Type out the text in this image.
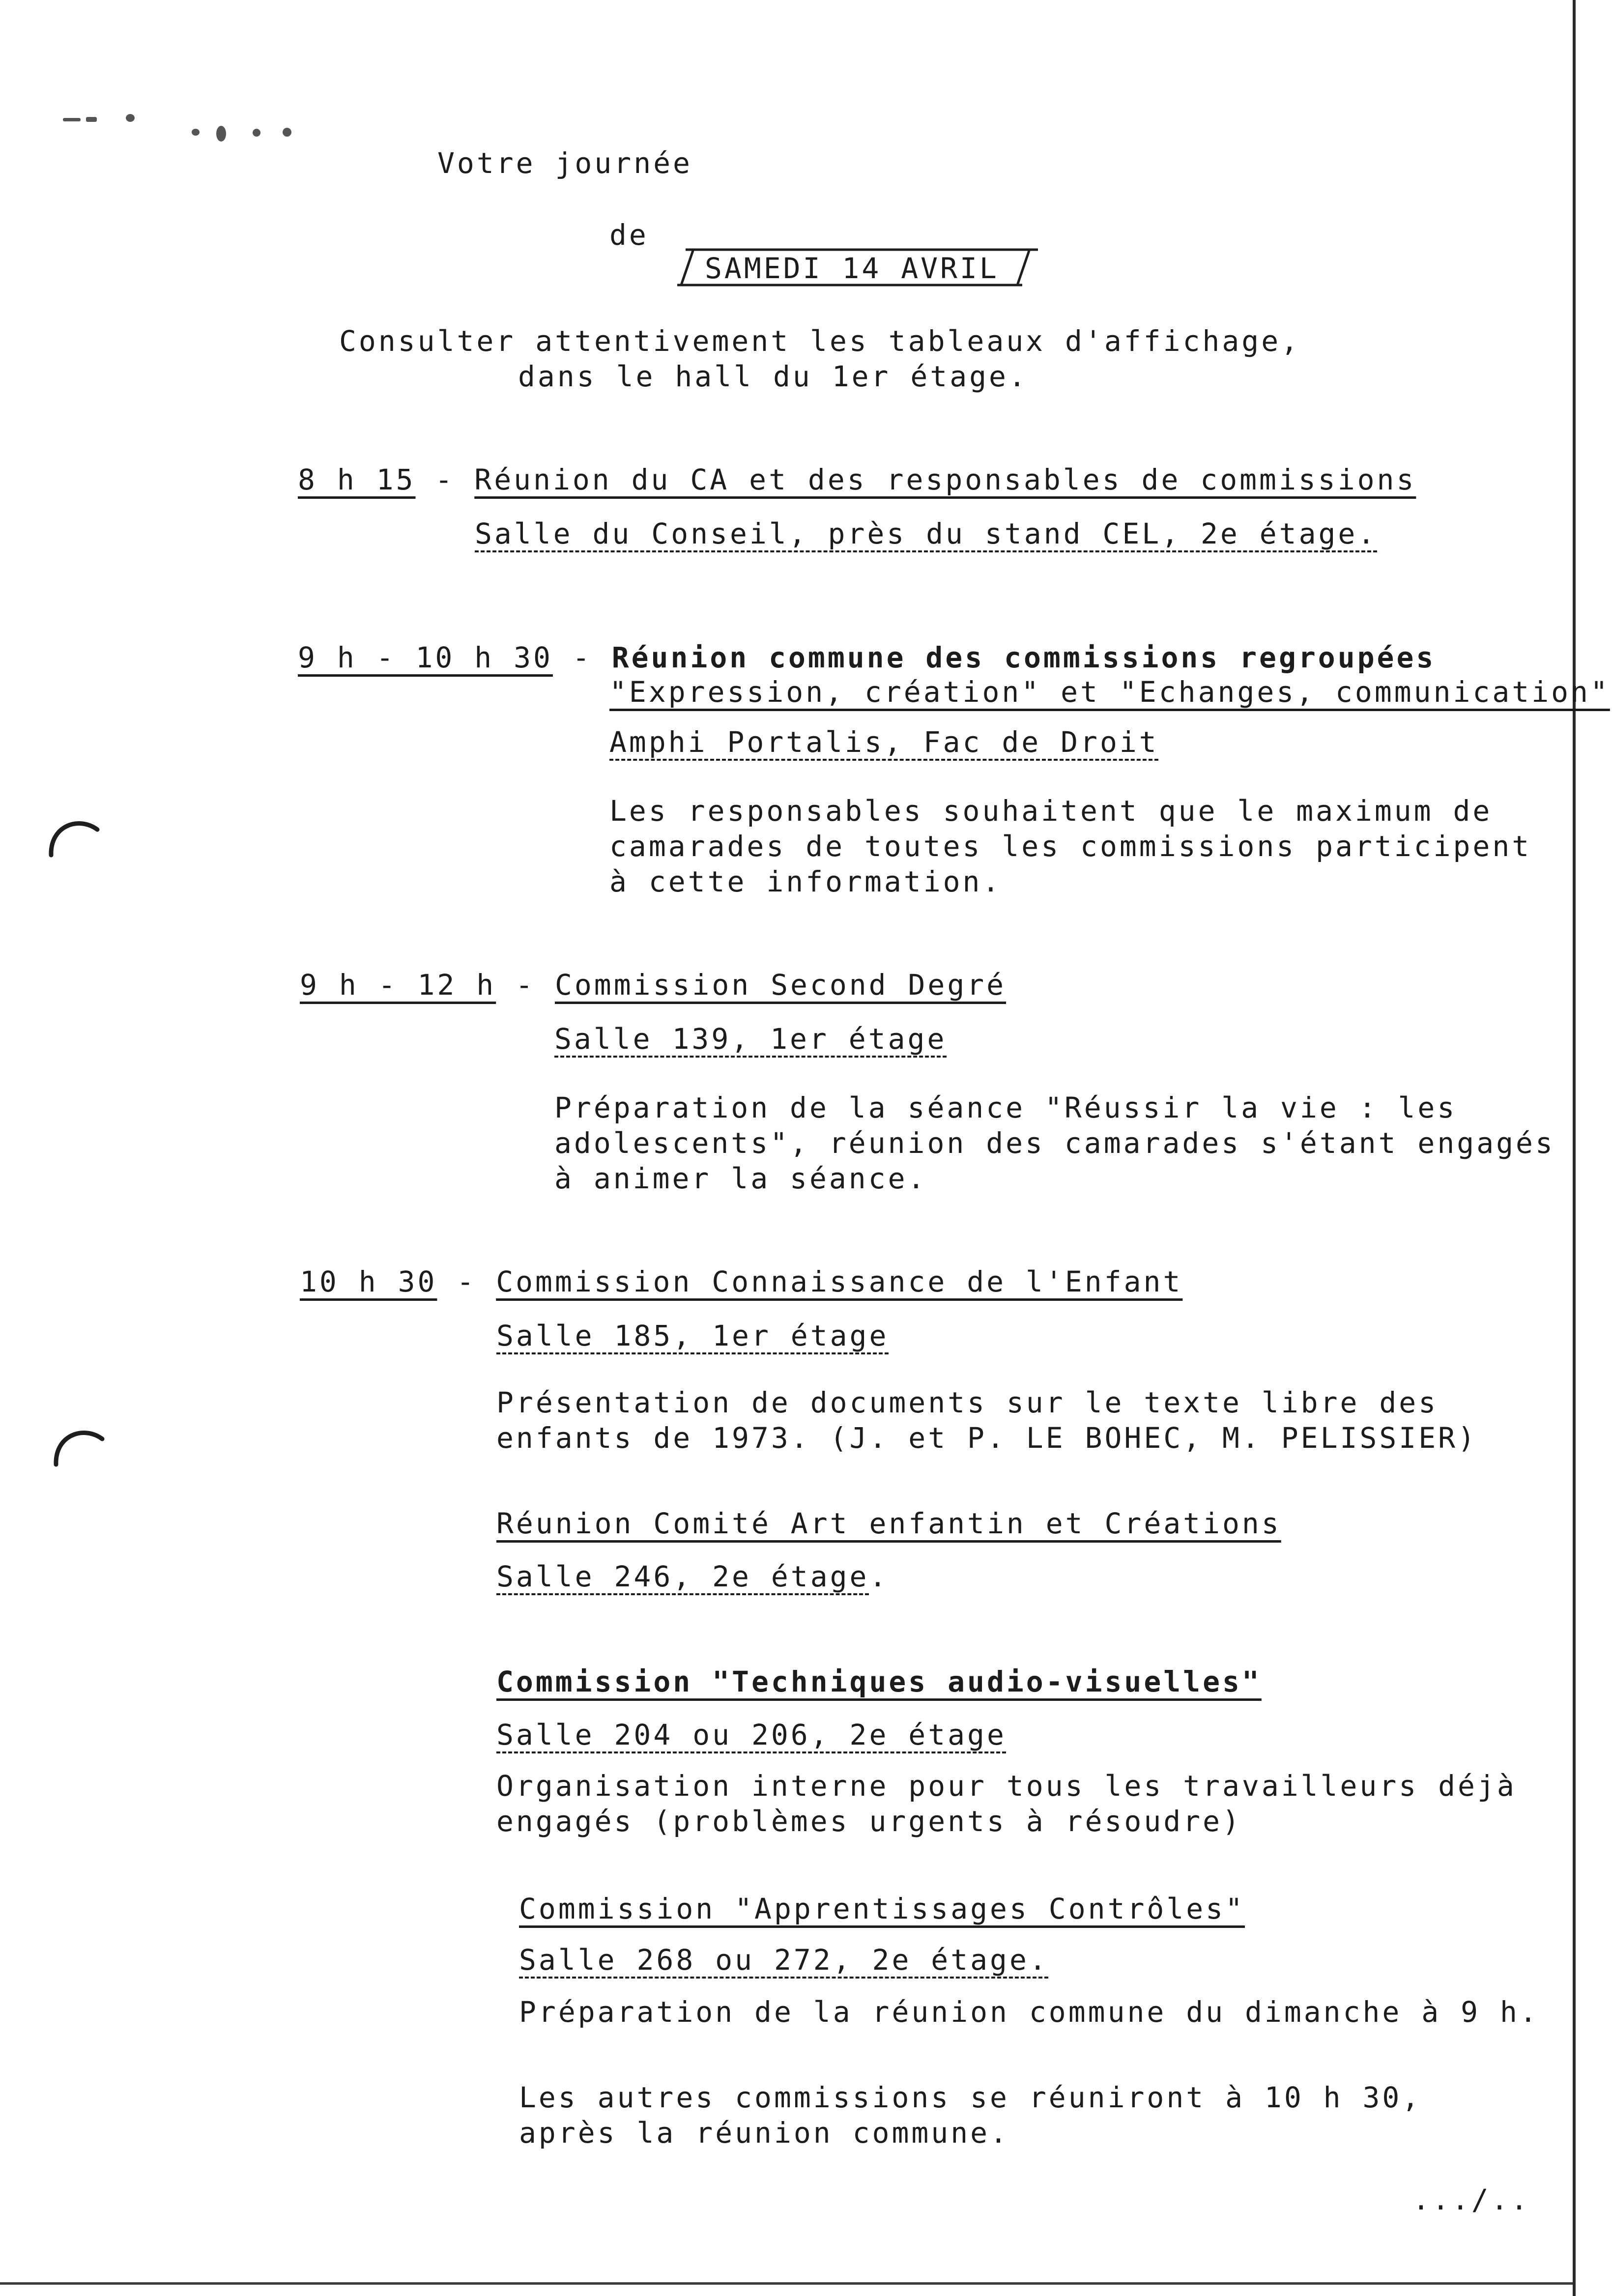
Votre journée
de
SAMEDI 14 AVRIL
Consulter attentivement les tableaux d'affichage,
dans le hall du 1er étage.
8 h 15 - Réunion du CA et des responsables de commissions
Salle du Conseil, près du stand CEL, 2e étage.
9 h - 10 h 30 - Réunion commune des commissions regroupées
"Expression, création" et "Echanges, communication"
Amphi Portalis, Fac de Droit
Les responsables souhaitent que le maximum de
camarades de toutes les commissions participent
à cette information.
9 h - 12 h - Commission Second Degré
Salle 139, 1er étage
Préparation de la séance "Réussir la vie : les
adolescents", réunion des camarades s'étant engagés
à animer la séance.
10 h 30 - Commission Connaissance de l'Enfant
Salle 185, 1er étage
Présentation de documents sur le texte libre des
enfants de 1973. (J. et P. LE BOHEC, M. PELISSIER)
Réunion Comité Art enfantin et Créations
Salle 246, 2e étage.
Commission "Techniques audio-visuelles"
Salle 204 ou 206, 2e étage
Organisation interne pour tous les travailleurs déjà
engagés (problèmes urgents à résoudre)
Commission "Apprentissages Contrôles"
Salle 268 ou 272, 2e étage.
Préparation de la réunion commune du dimanche à 9 h.
Les autres commissions se réuniront à 10 h 30,
après la réunion commune.
.../..
